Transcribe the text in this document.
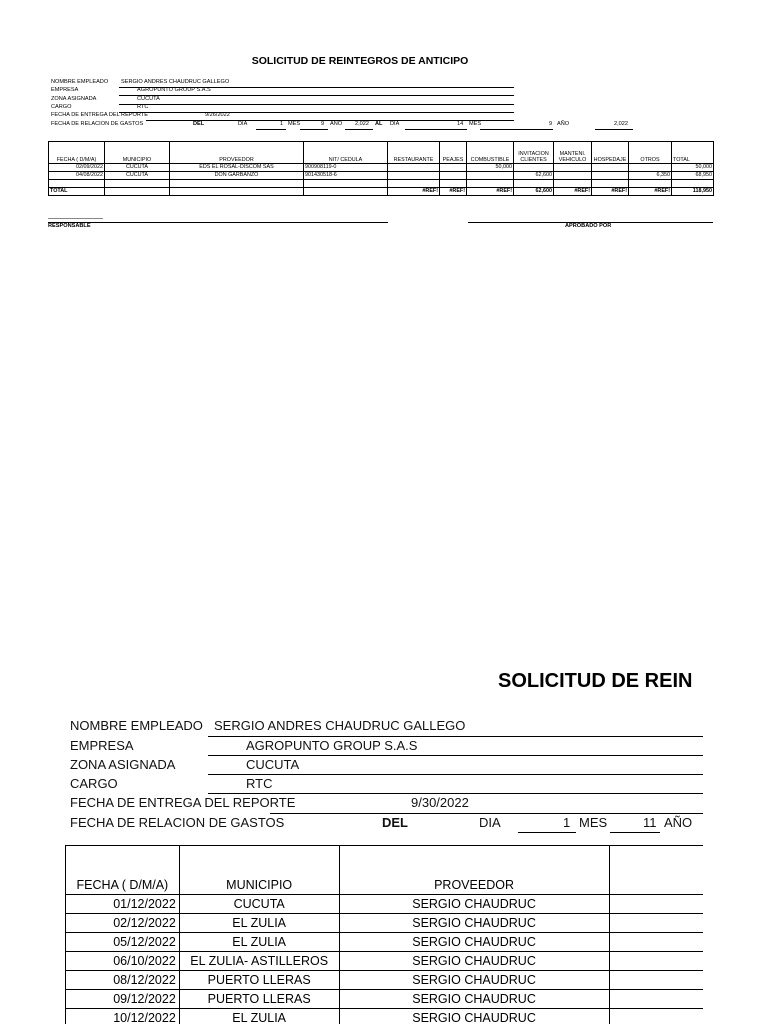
SOLICITUD DE REINTEGROS DE ANTICIPO
NOMBRE EMPLEADO SERGIO ANDRES CHAUDRUC GALLEGO
EMPRESA	AGROPUNTO GROUP S.A.S
ZONA ASIGNADA	CUCUTA
CARGO	RTC
FECHA DE ENTREGA DEL REPORTE	9/26/2022
FECHA DE RELACION DE GASTOS	DEL	DIA	1 MES	9 AÑO 2,022 AL DIA	14 MES	9 AÑO	2,022
FECHA ( D/M/A)	MUNICIPIO	PROVEEDOR	NIT/ CEDULA	RESTAURANTE	PEAJES	COMBUSTIBLE	INVITACION CLIENTES	MANTENI. VEHICULO	HOSPEDAJE	OTROS	TOTAL
02/09/2022	CUCUTA	EDS EL ROSAL-DISCOM SAS	900908119-0			50,000					50,000
04/08/2022	CUCUTA	DON GARBANZO	901430518-6				62,600			6,350	68,950

TOTAL				#REF!	#REF!	#REF!	62,600	#REF!	#REF!	#REF!	118,950
RESPONSABLE	APROBADO POR
SOLICITUD DE REIN
NOMBRE EMPLEADO SERGIO ANDRES CHAUDRUC GALLEGO
EMPRESA	AGROPUNTO GROUP S.A.S
ZONA ASIGNADA	CUCUTA
CARGO	RTC
FECHA DE ENTREGA DEL REPORTE	9/30/2022
FECHA DE RELACION DE GASTOS	DEL	DIA	1 MES	11 AÑO
FECHA ( D/M/A)	MUNICIPIO	PROVEEDOR	
01/12/2022	CUCUTA	SERGIO CHAUDRUC	
02/12/2022	EL ZULIA	SERGIO CHAUDRUC	
05/12/2022	EL ZULIA	SERGIO CHAUDRUC	
06/10/2022	EL ZULIA- ASTILLEROS	SERGIO CHAUDRUC	
08/12/2022	PUERTO LLERAS	SERGIO CHAUDRUC	
09/12/2022	PUERTO LLERAS	SERGIO CHAUDRUC	
10/12/2022	EL ZULIA	SERGIO CHAUDRUC	
